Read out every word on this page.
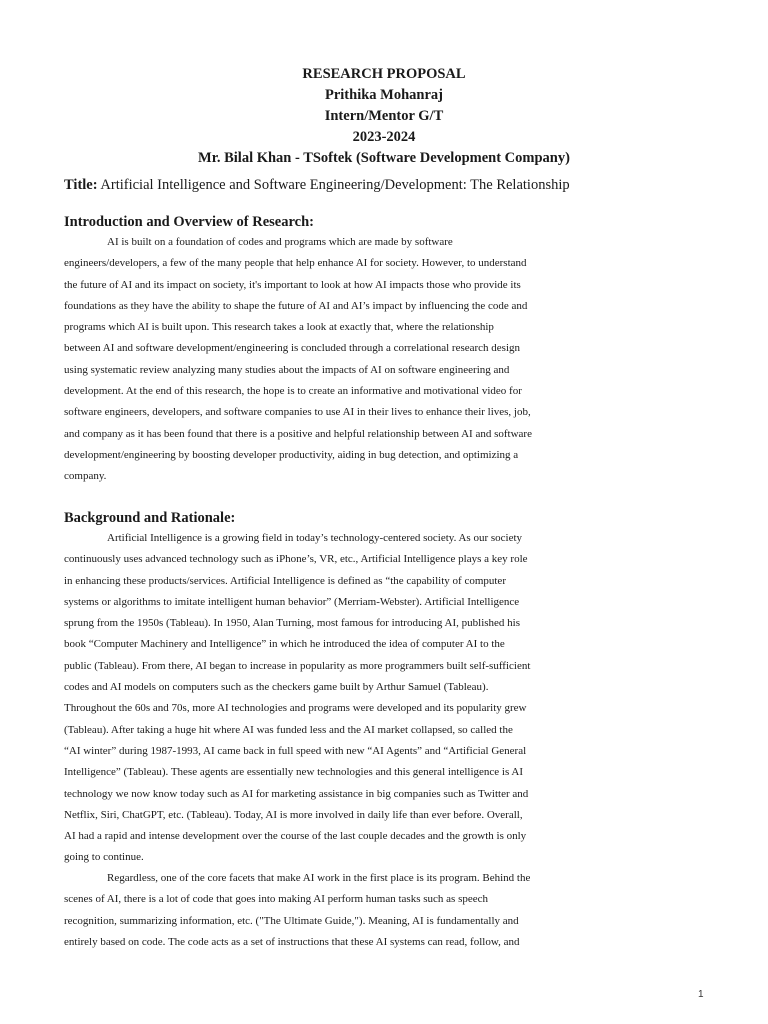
RESEARCH PROPOSAL
Prithika Mohanraj
Intern/Mentor G/T
2023-2024
Mr. Bilal Khan - TSoftek (Software Development Company)
Title: Artificial Intelligence and Software Engineering/Development: The Relationship
Introduction and Overview of Research:
AI is built on a foundation of codes and programs which are made by software
engineers/developers, a few of the many people that help enhance AI for society. However, to understand
the future of AI and its impact on society, it's important to look at how AI impacts those who provide its
foundations as they have the ability to shape the future of AI and AI’s impact by influencing the code and
programs which AI is built upon. This research takes a look at exactly that, where the relationship
between AI and software development/engineering is concluded through a correlational research design
using systematic review analyzing many studies about the impacts of AI on software engineering and
development. At the end of this research, the hope is to create an informative and motivational video for
software engineers, developers, and software companies to use AI in their lives to enhance their lives, job,
and company as it has been found that there is a positive and helpful relationship between AI and software
development/engineering by boosting developer productivity, aiding in bug detection, and optimizing a
company.
Background and Rationale:
Artificial Intelligence is a growing field in today’s technology-centered society. As our society
continuously uses advanced technology such as iPhone’s, VR, etc., Artificial Intelligence plays a key role
in enhancing these products/services. Artificial Intelligence is defined as “the capability of computer
systems or algorithms to imitate intelligent human behavior” (Merriam-Webster). Artificial Intelligence
sprung from the 1950s (Tableau). In 1950, Alan Turning, most famous for introducing AI, published his
book “Computer Machinery and Intelligence” in which he introduced the idea of computer AI to the
public (Tableau). From there, AI began to increase in popularity as more programmers built self-sufficient
codes and AI models on computers such as the checkers game built by Arthur Samuel (Tableau).
Throughout the 60s and 70s, more AI technologies and programs were developed and its popularity grew
(Tableau). After taking a huge hit where AI was funded less and the AI market collapsed, so called the
“AI winter” during 1987-1993, AI came back in full speed with new “AI Agents” and “Artificial General
Intelligence” (Tableau). These agents are essentially new technologies and this general intelligence is AI
technology we now know today such as AI for marketing assistance in big companies such as Twitter and
Netflix, Siri, ChatGPT, etc. (Tableau). Today, AI is more involved in daily life than ever before. Overall,
AI had a rapid and intense development over the course of the last couple decades and the growth is only
going to continue.
Regardless, one of the core facets that make AI work in the first place is its program. Behind the
scenes of AI, there is a lot of code that goes into making AI perform human tasks such as speech
recognition, summarizing information, etc. ("The Ultimate Guide,"). Meaning, AI is fundamentally and
entirely based on code. The code acts as a set of instructions that these AI systems can read, follow, and
1
